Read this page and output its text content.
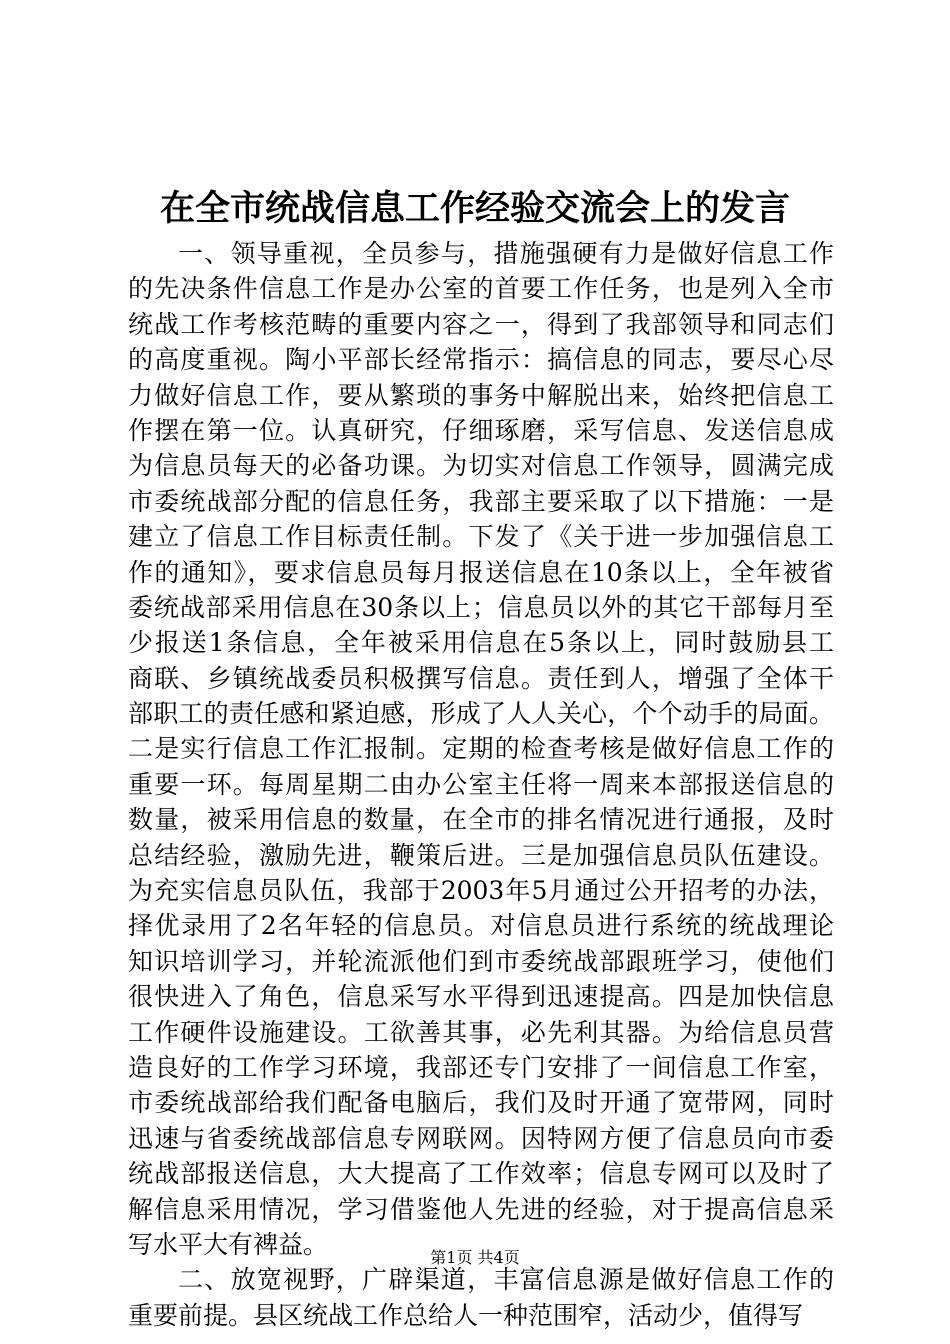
在全市统战信息工作经验交流会上的发言
一、领导重视，全员参与，措施强硬有力是做好信息工作
的先决条件信息工作是办公室的首要工作任务，也是列入全市
统战工作考核范畴的重要内容之一，得到了我部领导和同志们
的高度重视。陶小平部长经常指示：搞信息的同志，要尽心尽
力做好信息工作，要从繁琐的事务中解脱出来，始终把信息工
作摆在第一位。认真研究，仔细琢磨，采写信息、发送信息成
为信息员每天的必备功课。为切实对信息工作领导，圆满完成
市委统战部分配的信息任务，我部主要采取了以下措施：一是
建立了信息工作目标责任制。下发了《关于进一步加强信息工
作的通知》，要求信息员每月报送信息在10条以上，全年被省
委统战部采用信息在30条以上；信息员以外的其它干部每月至
少报送1条信息，全年被采用信息在5条以上，同时鼓励县工
商联、乡镇统战委员积极撰写信息。责任到人，增强了全体干
部职工的责任感和紧迫感，形成了人人关心，个个动手的局面。
二是实行信息工作汇报制。定期的检查考核是做好信息工作的
重要一环。每周星期二由办公室主任将一周来本部报送信息的
数量，被采用信息的数量，在全市的排名情况进行通报，及时
总结经验，激励先进，鞭策后进。三是加强信息员队伍建设。
为充实信息员队伍，我部于2003年5月通过公开招考的办法，
择优录用了2名年轻的信息员。对信息员进行系统的统战理论
知识培训学习，并轮流派他们到市委统战部跟班学习，使他们
很快进入了角色，信息采写水平得到迅速提高。四是加快信息
工作硬件设施建设。工欲善其事，必先利其器。为给信息员营
造良好的工作学习环境，我部还专门安排了一间信息工作室，
市委统战部给我们配备电脑后，我们及时开通了宽带网，同时
迅速与省委统战部信息专网联网。因特网方便了信息员向市委
统战部报送信息，大大提高了工作效率；信息专网可以及时了
解信息采用情况，学习借鉴他人先进的经验，对于提高信息采
写水平大有裨益。
二、放宽视野，广辟渠道，丰富信息源是做好信息工作的
重要前提。县区统战工作总给人一种范围窄，活动少，值得写
第1页 共4页
